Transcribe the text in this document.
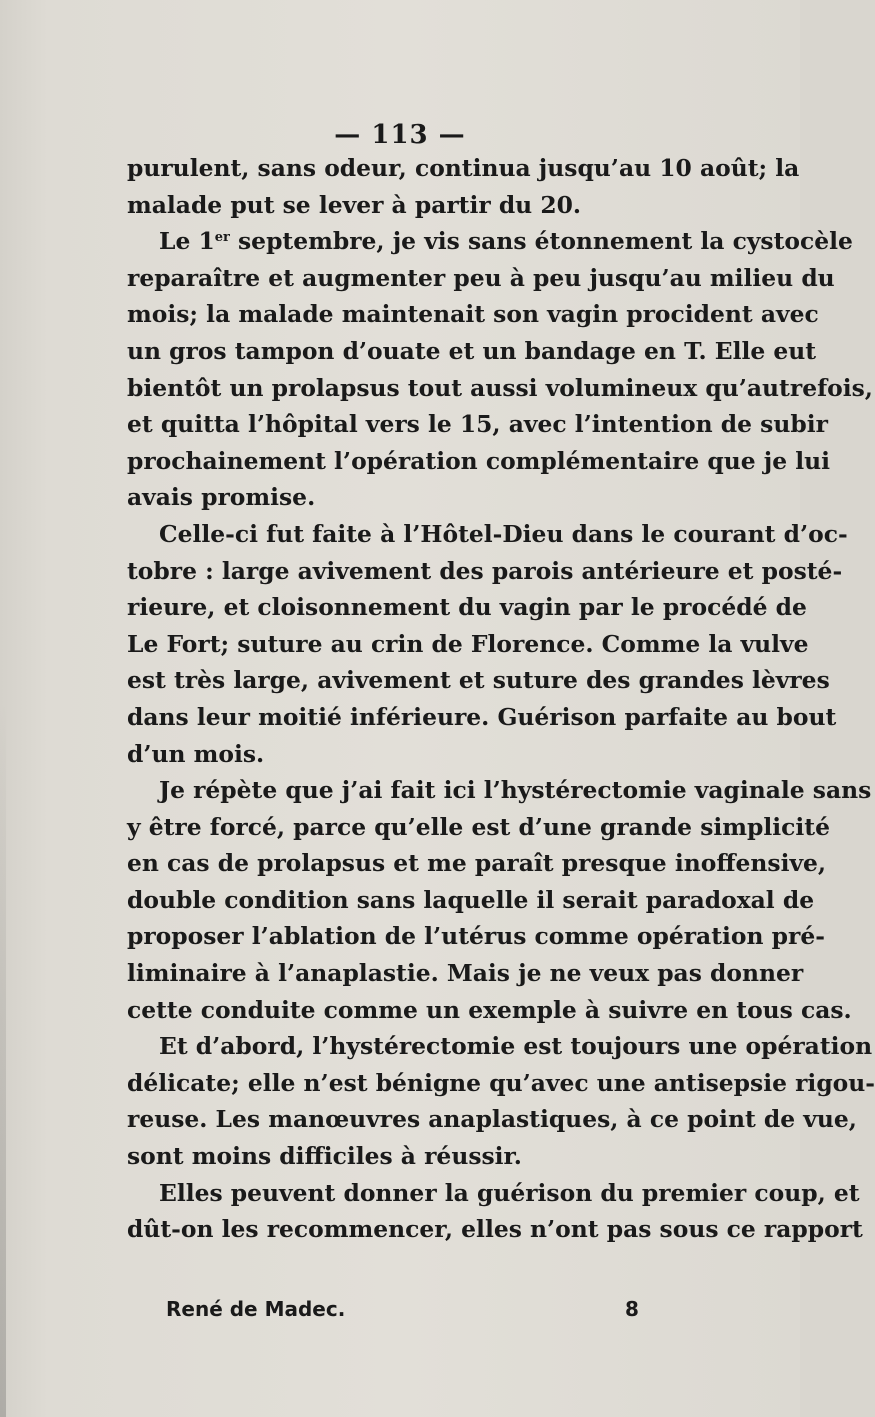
— 113 —
purulent, sans odeur, continua jusqu’au 10 août; la
malade put se lever à partir du 20.
Le 1er septembre, je vis sans étonnement la cystocèle
reparaître et augmenter peu à peu jusqu’au milieu du
mois; la malade maintenait son vagin procident avec
un gros tampon d’ouate et un bandage en T. Elle eut
bientôt un prolapsus tout aussi volumineux qu’autrefois,
et quitta l’hôpital vers le 15, avec l’intention de subir
prochainement l’opération complémentaire que je lui
avais promise.
Celle-ci fut faite à l’Hôtel-Dieu dans le courant d’oc-
tobre : large avivement des parois antérieure et posté-
rieure, et cloisonnement du vagin par le procédé de
Le Fort; suture au crin de Florence. Comme la vulve
est très large, avivement et suture des grandes lèvres
dans leur moitié inférieure. Guérison parfaite au bout
d’un mois.
Je répète que j’ai fait ici l’hystérectomie vaginale sans
y être forcé, parce qu’elle est d’une grande simplicité
en cas de prolapsus et me paraît presque inoffensive,
double condition sans laquelle il serait paradoxal de
proposer l’ablation de l’utérus comme opération pré-
liminaire à l’anaplastie. Mais je ne veux pas donner
cette conduite comme un exemple à suivre en tous cas.
Et d’abord, l’hystérectomie est toujours une opération
délicate; elle n’est bénigne qu’avec une antisepsie rigou-
reuse. Les manœuvres anaplastiques, à ce point de vue,
sont moins difficiles à réussir.
Elles peuvent donner la guérison du premier coup, et
dût-on les recommencer, elles n’ont pas sous ce rapport
René de Madec.	8
